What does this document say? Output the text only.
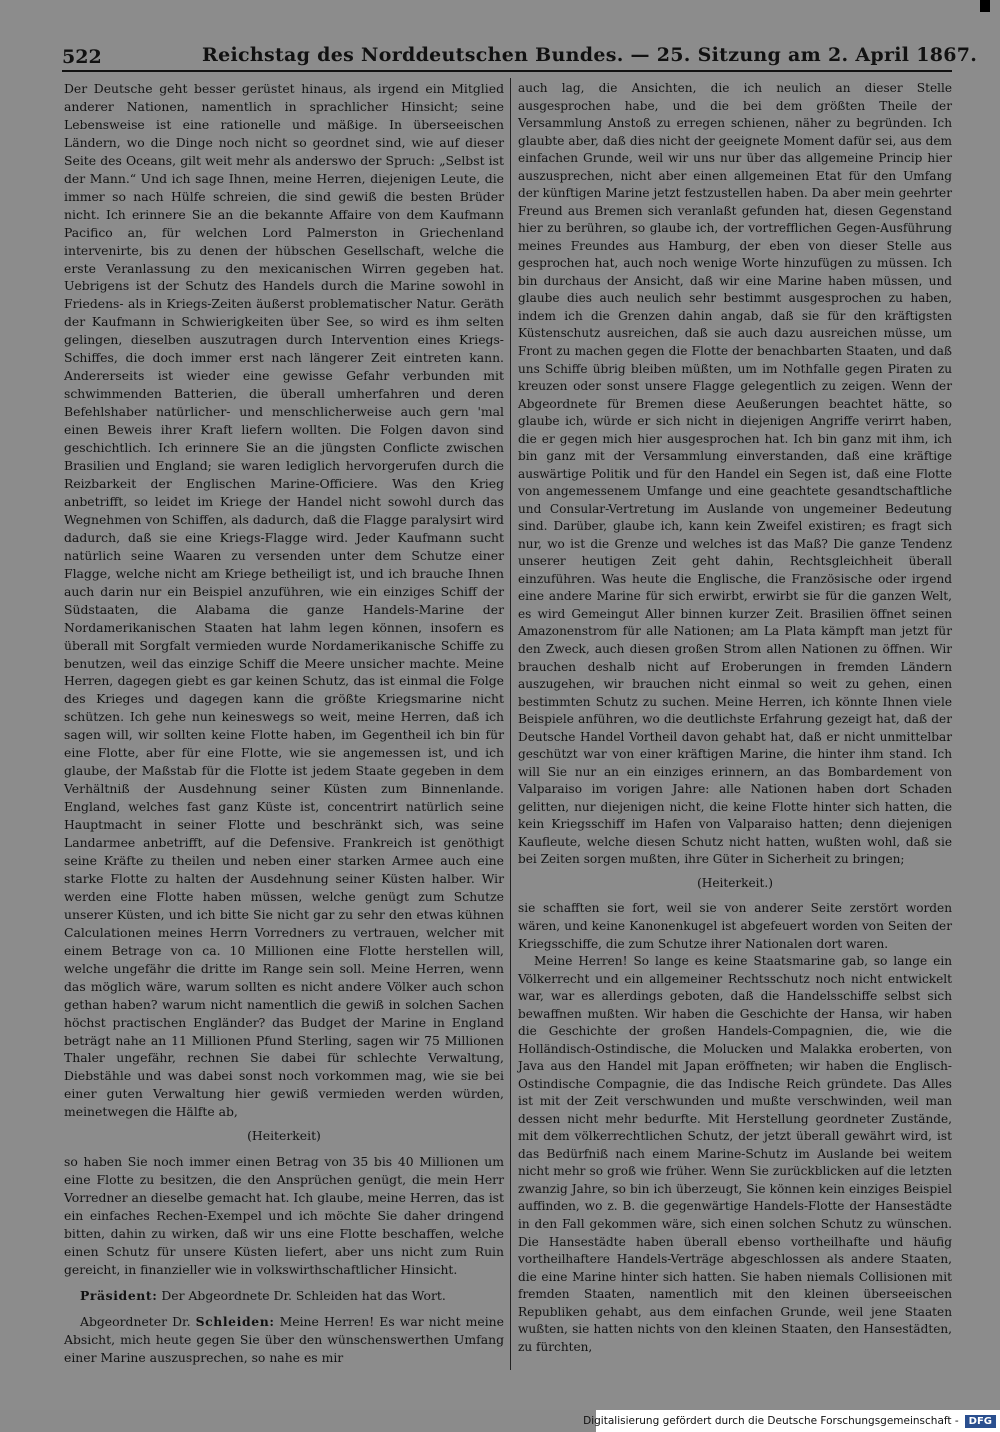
522	Reichstag des Norddeutschen Bundes. — 25. Sitzung am 2. April 1867.

Der Deutsche geht besser gerüstet hinaus, als irgend ein Mitglied anderer Nationen, namentlich in sprachlicher Hinsicht; seine Lebensweise ist eine rationelle und mäßige. In überseeischen Ländern, wo die Dinge noch nicht so geordnet sind, wie auf dieser Seite des Oceans, gilt weit mehr als anderswo der Spruch: „Selbst ist der Mann.“ Und ich sage Ihnen, meine Herren, diejenigen Leute, die immer so nach Hülfe schreien, die sind gewiß die besten Brüder nicht. Ich erinnere Sie an die bekannte Affaire von dem Kaufmann Pacifico an, für welchen Lord Palmerston in Griechenland intervenirte, bis zu denen der hübschen Gesellschaft, welche die erste Veranlassung zu den mexicanischen Wirren gegeben hat. Uebrigens ist der Schutz des Handels durch die Marine sowohl in Friedens- als in Kriegs-Zeiten äußerst problematischer Natur. Geräth der Kaufmann in Schwierigkeiten über See, so wird es ihm selten gelingen, dieselben auszutragen durch Intervention eines Kriegs-Schiffes, die doch immer erst nach längerer Zeit eintreten kann. Andererseits ist wieder eine gewisse Gefahr verbunden mit schwimmenden Batterien, die überall umherfahren und deren Befehlshaber natürlicher- und menschlicherweise auch gern 'mal einen Beweis ihrer Kraft liefern wollten. Die Folgen davon sind geschichtlich. Ich erinnere Sie an die jüngsten Conflicte zwischen Brasilien und England; sie waren lediglich hervorgerufen durch die Reizbarkeit der Englischen Marine-Officiere. Was den Krieg anbetrifft, so leidet im Kriege der Handel nicht sowohl durch das Wegnehmen von Schiffen, als dadurch, daß die Flagge paralysirt wird dadurch, daß sie eine Kriegs-Flagge wird. Jeder Kaufmann sucht natürlich seine Waaren zu versenden unter dem Schutze einer Flagge, welche nicht am Kriege betheiligt ist, und ich brauche Ihnen auch darin nur ein Beispiel anzuführen, wie ein einziges Schiff der Südstaaten, die Alabama die ganze Handels-Marine der Nordamerikanischen Staaten hat lahm legen können, insofern es überall mit Sorgfalt vermieden wurde Nordamerikanische Schiffe zu benutzen, weil das einzige Schiff die Meere unsicher machte. Meine Herren, dagegen giebt es gar keinen Schutz, das ist einmal die Folge des Krieges und dagegen kann die größte Kriegsmarine nicht schützen. Ich gehe nun keineswegs so weit, meine Herren, daß ich sagen will, wir sollten keine Flotte haben, im Gegentheil ich bin für eine Flotte, aber für eine Flotte, wie sie angemessen ist, und ich glaube, der Maßstab für die Flotte ist jedem Staate gegeben in dem Verhältniß der Ausdehnung seiner Küsten zum Binnenlande. England, welches fast ganz Küste ist, concentrirt natürlich seine Hauptmacht in seiner Flotte und beschränkt sich, was seine Landarmee anbetrifft, auf die Defensive. Frankreich ist genöthigt seine Kräfte zu theilen und neben einer starken Armee auch eine starke Flotte zu halten der Ausdehnung seiner Küsten halber. Wir werden eine Flotte haben müssen, welche genügt zum Schutze unserer Küsten, und ich bitte Sie nicht gar zu sehr den etwas kühnen Calculationen meines Herrn Vorredners zu vertrauen, welcher mit einem Betrage von ca. 10 Millionen eine Flotte herstellen will, welche ungefähr die dritte im Range sein soll. Meine Herren, wenn das möglich wäre, warum sollten es nicht andere Völker auch schon gethan haben? warum nicht namentlich die gewiß in solchen Sachen höchst practischen Engländer? das Budget der Marine in England beträgt nahe an 11 Millionen Pfund Sterling, sagen wir 75 Millionen Thaler ungefähr, rechnen Sie dabei für schlechte Verwaltung, Diebstähle und was dabei sonst noch vorkommen mag, wie sie bei einer guten Verwaltung hier gewiß vermieden werden würden, meinetwegen die Hälfte ab,

(Heiterkeit)

so haben Sie noch immer einen Betrag von 35 bis 40 Millionen um eine Flotte zu besitzen, die den Ansprüchen genügt, die mein Herr Vorredner an dieselbe gemacht hat. Ich glaube, meine Herren, das ist ein einfaches Rechen-Exempel und ich möchte Sie daher dringend bitten, dahin zu wirken, daß wir uns eine Flotte beschaffen, welche einen Schutz für unsere Küsten liefert, aber uns nicht zum Ruin gereicht, in finanzieller wie in volkswirthschaftlicher Hinsicht.

Präsident: Der Abgeordnete Dr. Schleiden hat das Wort.

Abgeordneter Dr. Schleiden: Meine Herren! Es war nicht meine Absicht, mich heute gegen Sie über den wünschenswerthen Umfang einer Marine auszusprechen, so nahe es mir

auch lag, die Ansichten, die ich neulich an dieser Stelle ausgesprochen habe, und die bei dem größten Theile der Versammlung Anstoß zu erregen schienen, näher zu begründen. Ich glaubte aber, daß dies nicht der geeignete Moment dafür sei, aus dem einfachen Grunde, weil wir uns nur über das allgemeine Princip hier auszusprechen, nicht aber einen allgemeinen Etat für den Umfang der künftigen Marine jetzt festzustellen haben. Da aber mein geehrter Freund aus Bremen sich veranlaßt gefunden hat, diesen Gegenstand hier zu berühren, so glaube ich, der vortrefflichen Gegen-Ausführung meines Freundes aus Hamburg, der eben von dieser Stelle aus gesprochen hat, auch noch wenige Worte hinzufügen zu müssen. Ich bin durchaus der Ansicht, daß wir eine Marine haben müssen, und glaube dies auch neulich sehr bestimmt ausgesprochen zu haben, indem ich die Grenzen dahin angab, daß sie für den kräftigsten Küstenschutz ausreichen, daß sie auch dazu ausreichen müsse, um Front zu machen gegen die Flotte der benachbarten Staaten, und daß uns Schiffe übrig bleiben müßten, um im Nothfalle gegen Piraten zu kreuzen oder sonst unsere Flagge gelegentlich zu zeigen. Wenn der Abgeordnete für Bremen diese Aeußerungen beachtet hätte, so glaube ich, würde er sich nicht in diejenigen Angriffe verirrt haben, die er gegen mich hier ausgesprochen hat. Ich bin ganz mit ihm, ich bin ganz mit der Versammlung einverstanden, daß eine kräftige auswärtige Politik und für den Handel ein Segen ist, daß eine Flotte von angemessenem Umfange und eine geachtete gesandtschaftliche und Consular-Vertretung im Auslande von ungemeiner Bedeutung sind. Darüber, glaube ich, kann kein Zweifel existiren; es fragt sich nur, wo ist die Grenze und welches ist das Maß? Die ganze Tendenz unserer heutigen Zeit geht dahin, Rechtsgleichheit überall einzuführen. Was heute die Englische, die Französische oder irgend eine andere Marine für sich erwirbt, erwirbt sie für die ganzen Welt, es wird Gemeingut Aller binnen kurzer Zeit. Brasilien öffnet seinen Amazonenstrom für alle Nationen; am La Plata kämpft man jetzt für den Zweck, auch diesen großen Strom allen Nationen zu öffnen. Wir brauchen deshalb nicht auf Eroberungen in fremden Ländern auszugehen, wir brauchen nicht einmal so weit zu gehen, einen bestimmten Schutz zu suchen. Meine Herren, ich könnte Ihnen viele Beispiele anführen, wo die deutlichste Erfahrung gezeigt hat, daß der Deutsche Handel Vortheil davon gehabt hat, daß er nicht unmittelbar geschützt war von einer kräftigen Marine, die hinter ihm stand. Ich will Sie nur an ein einziges erinnern, an das Bombardement von Valparaiso im vorigen Jahre: alle Nationen haben dort Schaden gelitten, nur diejenigen nicht, die keine Flotte hinter sich hatten, die kein Kriegsschiff im Hafen von Valparaiso hatten; denn diejenigen Kaufleute, welche diesen Schutz nicht hatten, wußten wohl, daß sie bei Zeiten sorgen mußten, ihre Güter in Sicherheit zu bringen;

(Heiterkeit.)

sie schafften sie fort, weil sie von anderer Seite zerstört worden wären, und keine Kanonenkugel ist abgefeuert worden von Seiten der Kriegsschiffe, die zum Schutze ihrer Nationalen dort waren.

Meine Herren! So lange es keine Staatsmarine gab, so lange ein Völkerrecht und ein allgemeiner Rechtsschutz noch nicht entwickelt war, war es allerdings geboten, daß die Handelsschiffe selbst sich bewaffnen mußten. Wir haben die Geschichte der Hansa, wir haben die Geschichte der großen Handels-Compagnien, die, wie die Holländisch-Ostindische, die Molucken und Malakka eroberten, von Java aus den Handel mit Japan eröffneten; wir haben die Englisch-Ostindische Compagnie, die das Indische Reich gründete. Das Alles ist mit der Zeit verschwunden und mußte verschwinden, weil man dessen nicht mehr bedurfte. Mit Herstellung geordneter Zustände, mit dem völkerrechtlichen Schutz, der jetzt überall gewährt wird, ist das Bedürfniß nach einem Marine-Schutz im Auslande bei weitem nicht mehr so groß wie früher. Wenn Sie zurückblicken auf die letzten zwanzig Jahre, so bin ich überzeugt, Sie können kein einziges Beispiel auffinden, wo z. B. die gegenwärtige Handels-Flotte der Hansestädte in den Fall gekommen wäre, sich einen solchen Schutz zu wünschen. Die Hansestädte haben überall ebenso vortheilhafte und häufig vortheilhaftere Handels-Verträge abgeschlossen als andere Staaten, die eine Marine hinter sich hatten. Sie haben niemals Collisionen mit fremden Staaten, namentlich mit den kleinen überseeischen Republiken gehabt, aus dem einfachen Grunde, weil jene Staaten wußten, sie hatten nichts von den kleinen Staaten, den Hansestädten, zu fürchten,

Digitalisierung gefördert durch die Deutsche Forschungsgemeinschaft -	DFG
